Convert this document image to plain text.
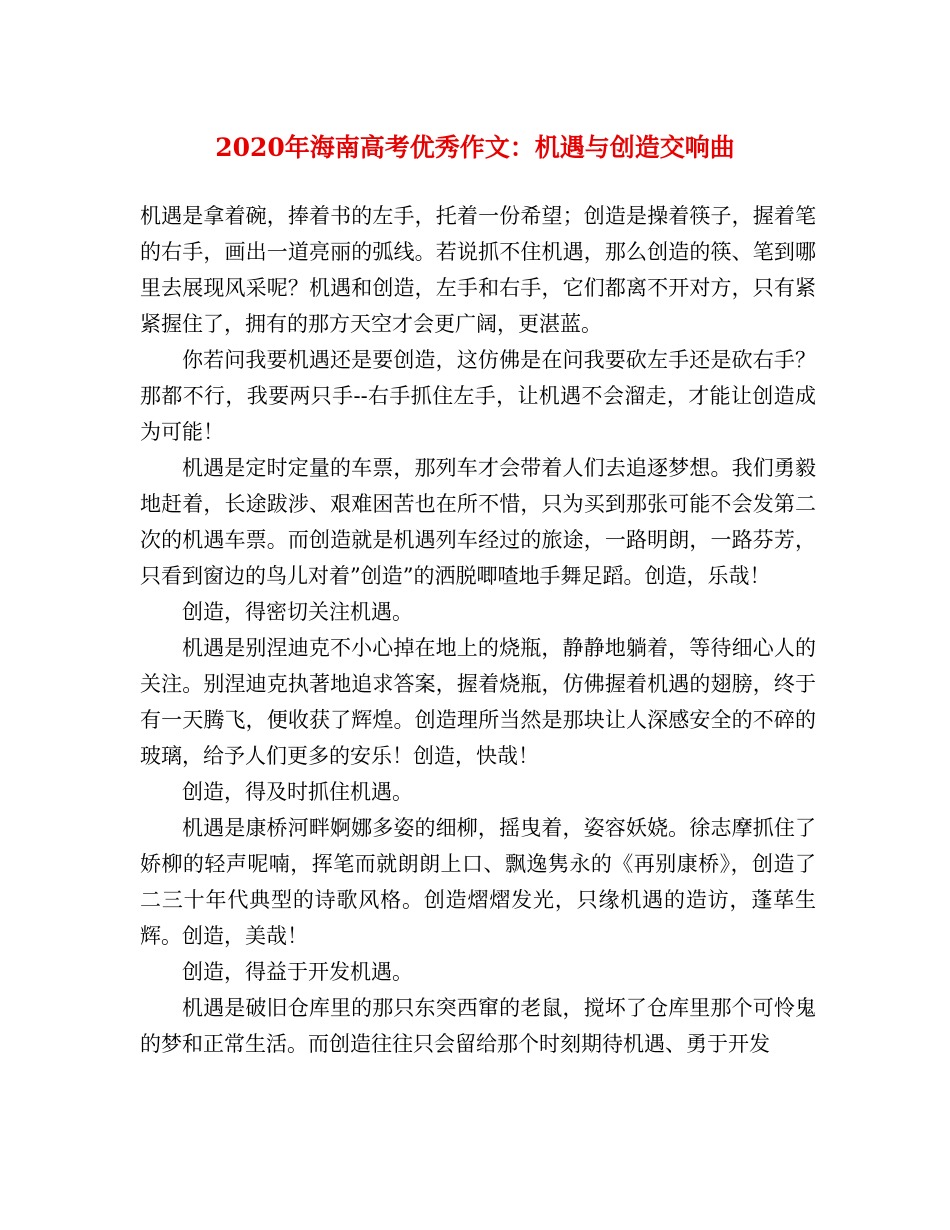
2020年海南高考优秀作文：机遇与创造交响曲

机遇是拿着碗，捧着书的左手，托着一份希望；创造是操着筷子，握着笔的右手，画出一道亮丽的弧线。若说抓不住机遇，那么创造的筷、笔到哪里去展现风采呢？机遇和创造，左手和右手，它们都离不开对方，只有紧紧握住了，拥有的那方天空才会更广阔，更湛蓝。

你若问我要机遇还是要创造，这仿佛是在问我要砍左手还是砍右手？那都不行，我要两只手--右手抓住左手，让机遇不会溜走，才能让创造成为可能！

机遇是定时定量的车票，那列车才会带着人们去追逐梦想。我们勇毅地赶着，长途跋涉、艰难困苦也在所不惜，只为买到那张可能不会发第二次的机遇车票。而创造就是机遇列车经过的旅途，一路明朗，一路芬芳，只看到窗边的鸟儿对着”创造”的洒脱唧喳地手舞足蹈。创造，乐哉！

创造，得密切关注机遇。

机遇是别涅迪克不小心掉在地上的烧瓶，静静地躺着，等待细心人的关注。别涅迪克执著地追求答案，握着烧瓶，仿佛握着机遇的翅膀，终于有一天腾飞，便收获了辉煌。创造理所当然是那块让人深感安全的不碎的玻璃，给予人们更多的安乐！创造，快哉！

创造，得及时抓住机遇。

机遇是康桥河畔婀娜多姿的细柳，摇曳着，姿容妖娆。徐志摩抓住了娇柳的轻声呢喃，挥笔而就朗朗上口、飘逸隽永的《再别康桥》，创造了二三十年代典型的诗歌风格。创造熠熠发光，只缘机遇的造访，蓬荜生辉。创造，美哉！

创造，得益于开发机遇。

机遇是破旧仓库里的那只东突西窜的老鼠，搅坏了仓库里那个可怜鬼的梦和正常生活。而创造往往只会留给那个时刻期待机遇、勇于开发
